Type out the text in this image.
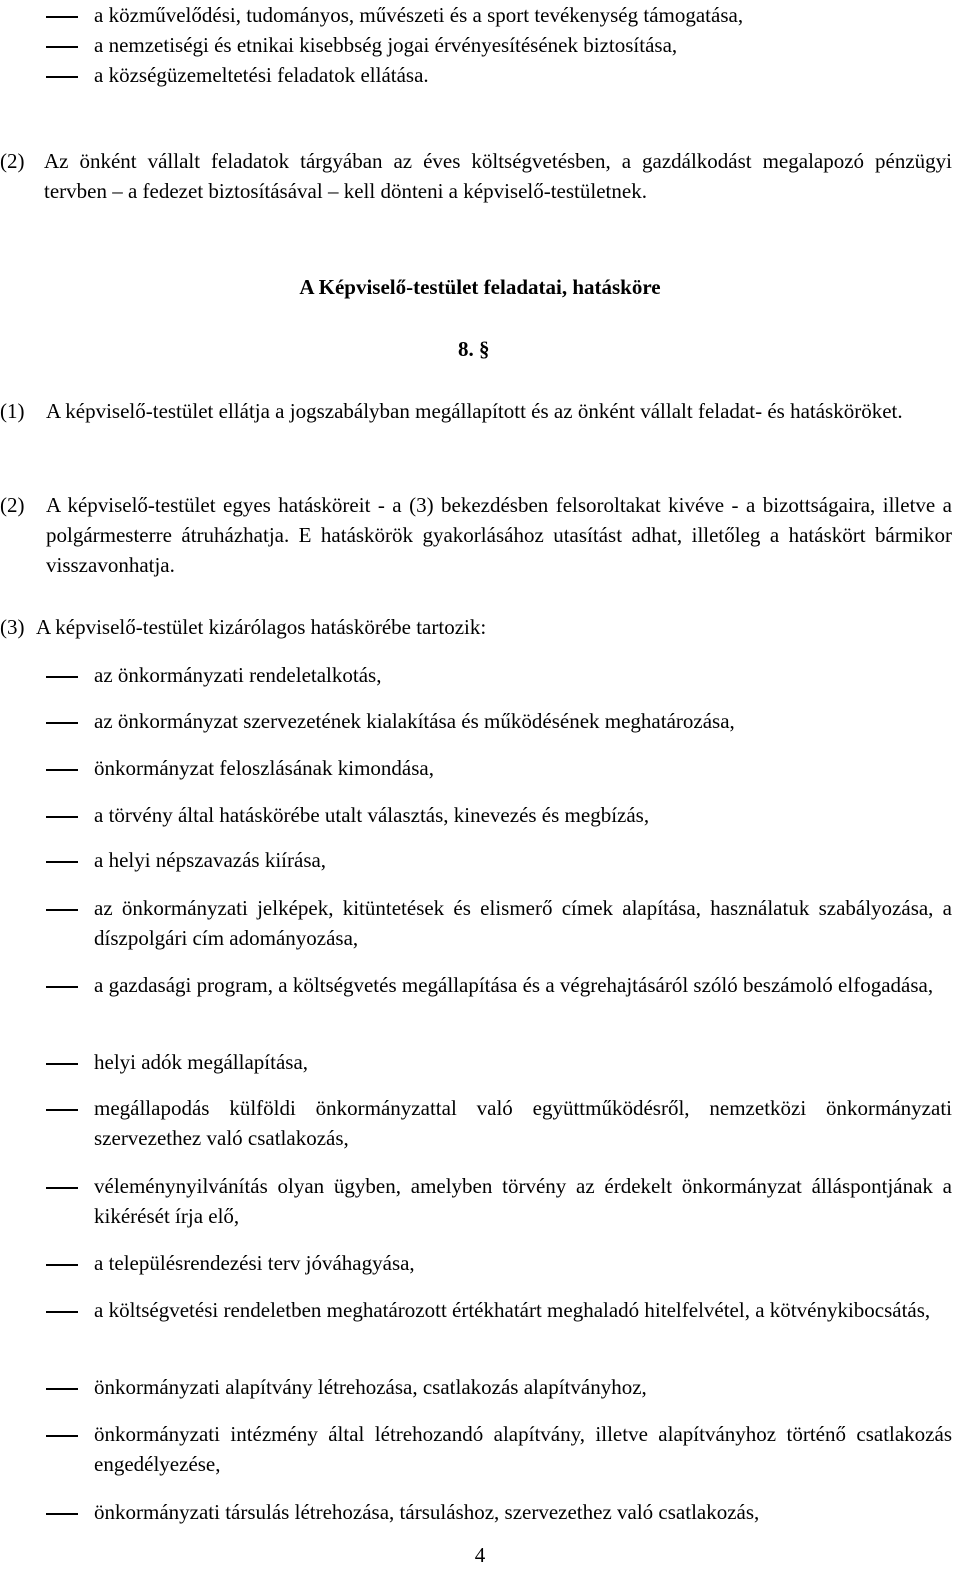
a közművelődési, tudományos, művészeti és a sport tevékenység támogatása,
a nemzetiségi és etnikai kisebbség jogai érvényesítésének biztosítása,
a községüzemeltetési feladatok ellátása.
(2) Az önként vállalt feladatok tárgyában az éves költségvetésben, a gazdálkodást megalapozó pénzügyi tervben – a fedezet biztosításával – kell dönteni a képviselő-testületnek.
A Képviselő-testület feladatai, hatásköre
8. §
(1) A képviselő-testület ellátja a jogszabályban megállapított és az önként vállalt feladat- és hatásköröket.
(2) A képviselő-testület egyes hatásköreit - a (3) bekezdésben felsoroltakat kivéve - a bizottságaira, illetve a polgármesterre átruházhatja. E hatáskörök gyakorlásához utasítást adhat, illetőleg a hatáskört bármikor visszavonhatja.
(3) A képviselő-testület kizárólagos hatáskörébe tartozik:
az önkormányzati rendeletalkotás,
az önkormányzat szervezetének kialakítása és működésének meghatározása,
önkormányzat feloszlásának kimondása,
a törvény által hatáskörébe utalt választás, kinevezés és megbízás,
a helyi népszavazás kiírása,
az önkormányzati jelképek, kitüntetések és elismerő címek alapítása, használatuk szabályozása, a díszpolgári cím adományozása,
a gazdasági program, a költségvetés megállapítása és a végrehajtásáról szóló beszámoló elfogadása,
helyi adók megállapítása,
megállapodás külföldi önkormányzattal való együttműködésről, nemzetközi önkormányzati szervezethez való csatlakozás,
véleménynyilvánítás olyan ügyben, amelyben törvény az érdekelt önkormányzat álláspontjának a kikérését írja elő,
a településrendezési terv jóváhagyása,
a költségvetési rendeletben meghatározott értékhatárt meghaladó hitelfelvétel, a kötvénykibocsátás,
önkormányzati alapítvány létrehozása, csatlakozás alapítványhoz,
önkormányzati intézmény által létrehozandó alapítvány, illetve alapítványhoz történő csatlakozás engedélyezése,
önkormányzati társulás létrehozása, társuláshoz, szervezethez való csatlakozás,
4
